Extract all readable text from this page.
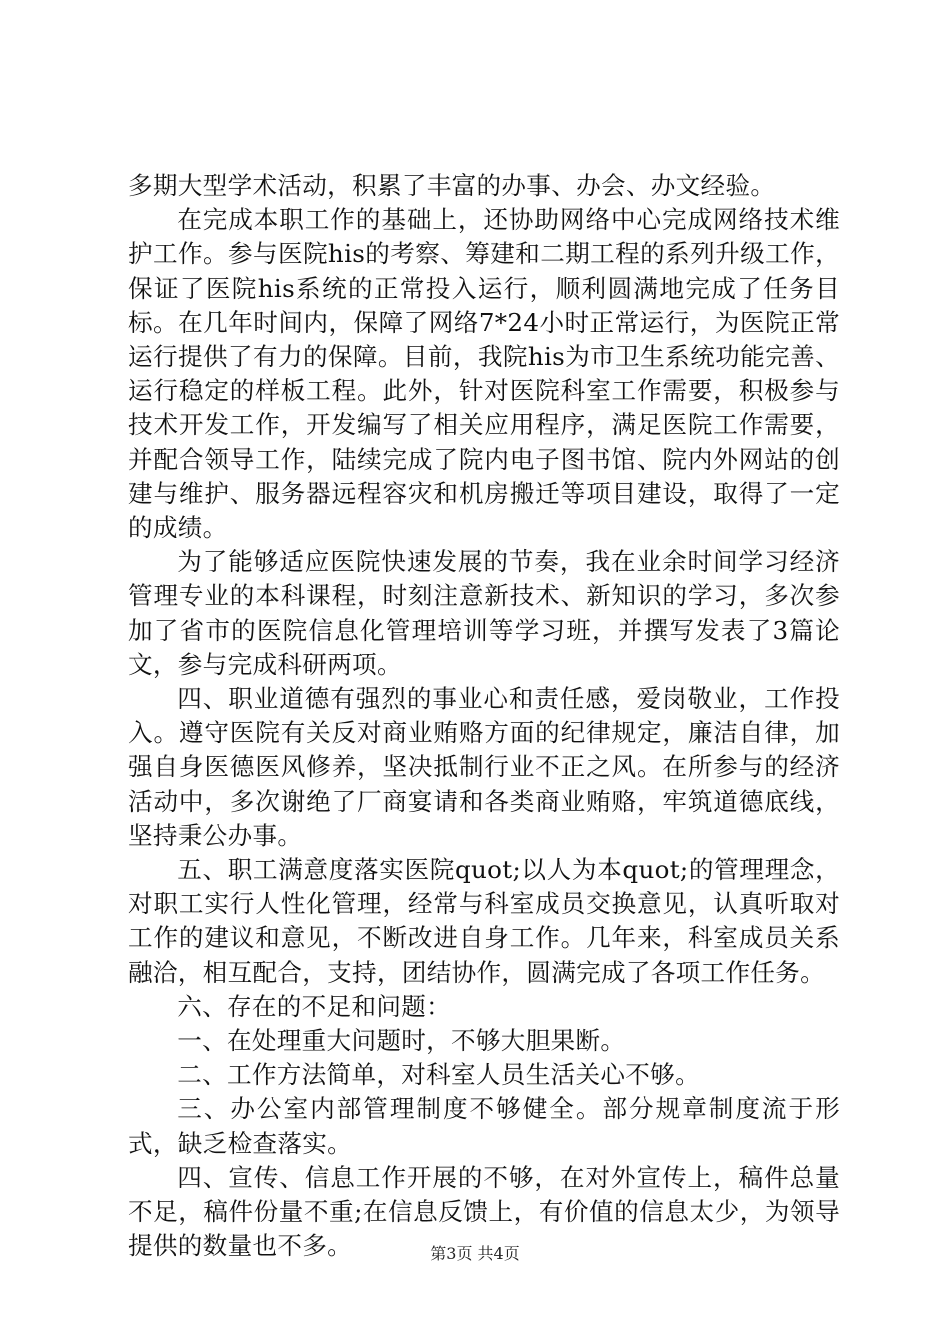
多期大型学术活动，积累了丰富的办事、办会、办文经验。

在完成本职工作的基础上，还协助网络中心完成网络技术维护工作。参与医院his的考察、筹建和二期工程的系列升级工作，保证了医院his系统的正常投入运行，顺利圆满地完成了任务目标。在几年时间内，保障了网络7*24小时正常运行，为医院正常运行提供了有力的保障。目前，我院his为市卫生系统功能完善、运行稳定的样板工程。此外，针对医院科室工作需要，积极参与技术开发工作，开发编写了相关应用程序，满足医院工作需要，并配合领导工作，陆续完成了院内电子图书馆、院内外网站的创建与维护、服务器远程容灾和机房搬迁等项目建设，取得了一定的成绩。

为了能够适应医院快速发展的节奏，我在业余时间学习经济管理专业的本科课程，时刻注意新技术、新知识的学习，多次参加了省市的医院信息化管理培训等学习班，并撰写发表了3篇论文，参与完成科研两项。

四、职业道德有强烈的事业心和责任感，爱岗敬业，工作投入。遵守医院有关反对商业贿赂方面的纪律规定，廉洁自律，加强自身医德医风修养，坚决抵制行业不正之风。在所参与的经济活动中，多次谢绝了厂商宴请和各类商业贿赂，牢筑道德底线，坚持秉公办事。

五、职工满意度落实医院quot;以人为本quot;的管理理念，对职工实行人性化管理，经常与科室成员交换意见，认真听取对工作的建议和意见，不断改进自身工作。几年来，科室成员关系融洽，相互配合，支持，团结协作，圆满完成了各项工作任务。

六、存在的不足和问题：

一、在处理重大问题时，不够大胆果断。

二、工作方法简单，对科室人员生活关心不够。

三、办公室内部管理制度不够健全。部分规章制度流于形式，缺乏检查落实。

四、宣传、信息工作开展的不够，在对外宣传上，稿件总量不足，稿件份量不重;在信息反馈上，有价值的信息太少，为领导提供的数量也不多。	第3页 共4页
